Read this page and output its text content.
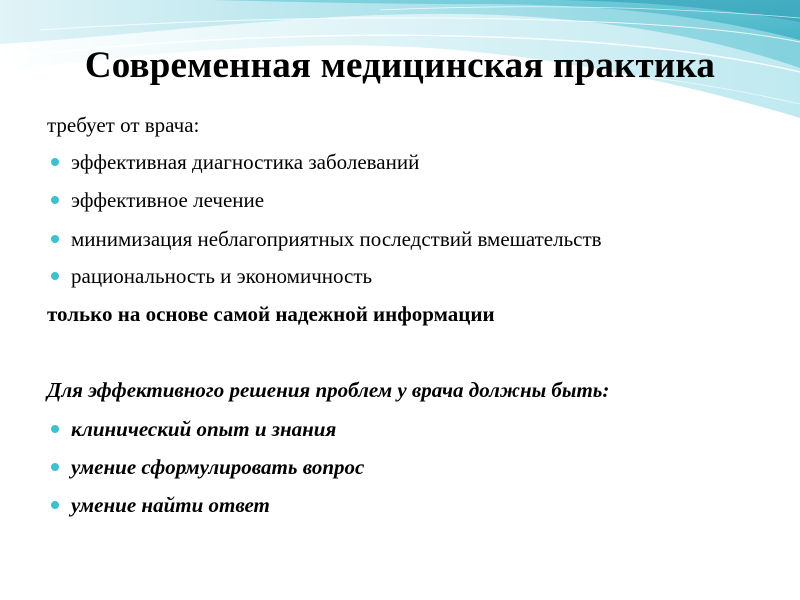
Современная медицинская практика
требует от врача:
эффективная диагностика заболеваний
эффективное лечение
минимизация неблагоприятных последствий вмешательств
рациональность и экономичность
только на основе самой надежной информации
Для эффективного решения проблем у врача должны быть:
клинический опыт и знания
умение сформулировать вопрос
умение найти ответ
